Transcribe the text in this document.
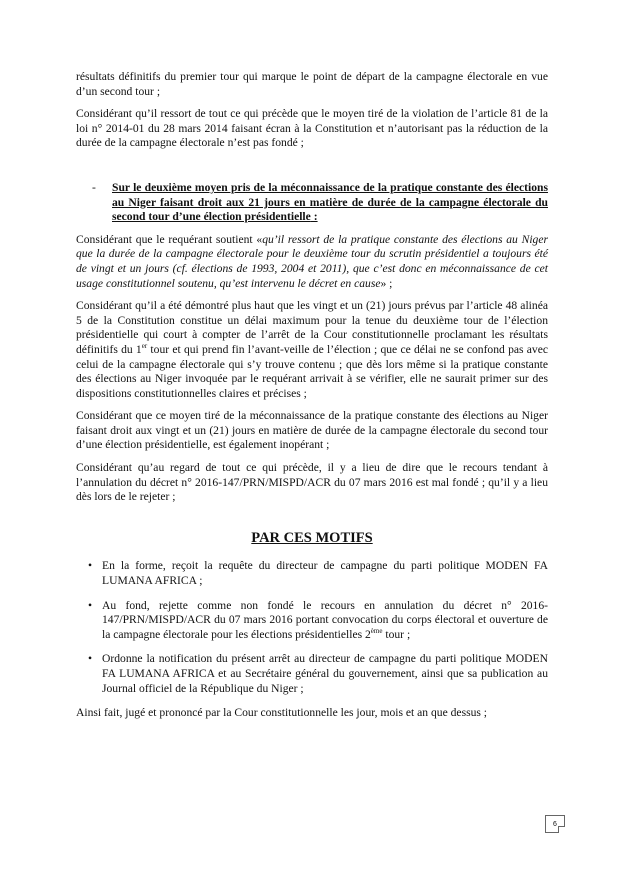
résultats définitifs du premier tour qui marque le point de départ de la campagne électorale en vue d’un second tour ;

Considérant qu’il ressort de tout ce qui précède que le moyen tiré de la violation de l’article 81 de la loi n° 2014-01 du 28 mars 2014 faisant écran à la Constitution et n’autorisant pas la réduction de la durée de la campagne électorale n’est pas fondé ;

-	Sur le deuxième moyen pris de la méconnaissance de la pratique constante des élections au Niger faisant droit aux 21 jours en matière de durée de la campagne électorale du second tour d’une élection présidentielle :

Considérant que le requérant soutient «qu’il ressort de la pratique constante des élections au Niger que la durée de la campagne électorale pour le deuxième tour du scrutin présidentiel a toujours été de vingt et un jours (cf. élections de 1993, 2004 et 2011), que c’est donc en méconnaissance de cet usage constitutionnel soutenu, qu’est intervenu le décret en cause» ;

Considérant qu’il a été démontré plus haut que les vingt et un (21) jours prévus par l’article 48 alinéa 5 de la Constitution constitue un délai maximum pour la tenue du deuxième tour de l’élection présidentielle qui court à compter de l’arrêt de la Cour constitutionnelle proclamant les résultats définitifs du 1er tour et qui prend fin l’avant-veille de l’élection ; que ce délai ne se confond pas avec celui de la campagne électorale qui s’y trouve contenu ; que dès lors même si la pratique constante des élections au Niger invoquée par le requérant arrivait à se vérifier, elle ne saurait primer sur des dispositions constitutionnelles claires et précises ;

Considérant que ce moyen tiré de la méconnaissance de la pratique constante des élections au Niger faisant droit aux vingt et un (21) jours en matière de durée de la campagne électorale du second tour d’une élection présidentielle, est également inopérant ;

Considérant qu’au regard de tout ce qui précède, il y a lieu de dire que le recours tendant à l’annulation du décret n° 2016-147/PRN/MISPD/ACR du 07 mars 2016 est mal fondé ; qu’il y a lieu dès lors de le rejeter ;

PAR CES MOTIFS
• En la forme, reçoit la requête du directeur de campagne du parti politique MODEN FA LUMANA AFRICA ;
• Au fond, rejette comme non fondé le recours en annulation du décret n° 2016-147/PRN/MISPD/ACR du 07 mars 2016 portant convocation du corps électoral et ouverture de la campagne électorale pour les élections présidentielles 2ème tour ;
• Ordonne la notification du présent arrêt au directeur de campagne du parti politique MODEN FA LUMANA AFRICA et au Secrétaire général du gouvernement, ainsi que sa publication au Journal officiel de la République du Niger ;

Ainsi fait, jugé et prononcé par la Cour constitutionnelle les jour, mois et an que dessus ;

6
